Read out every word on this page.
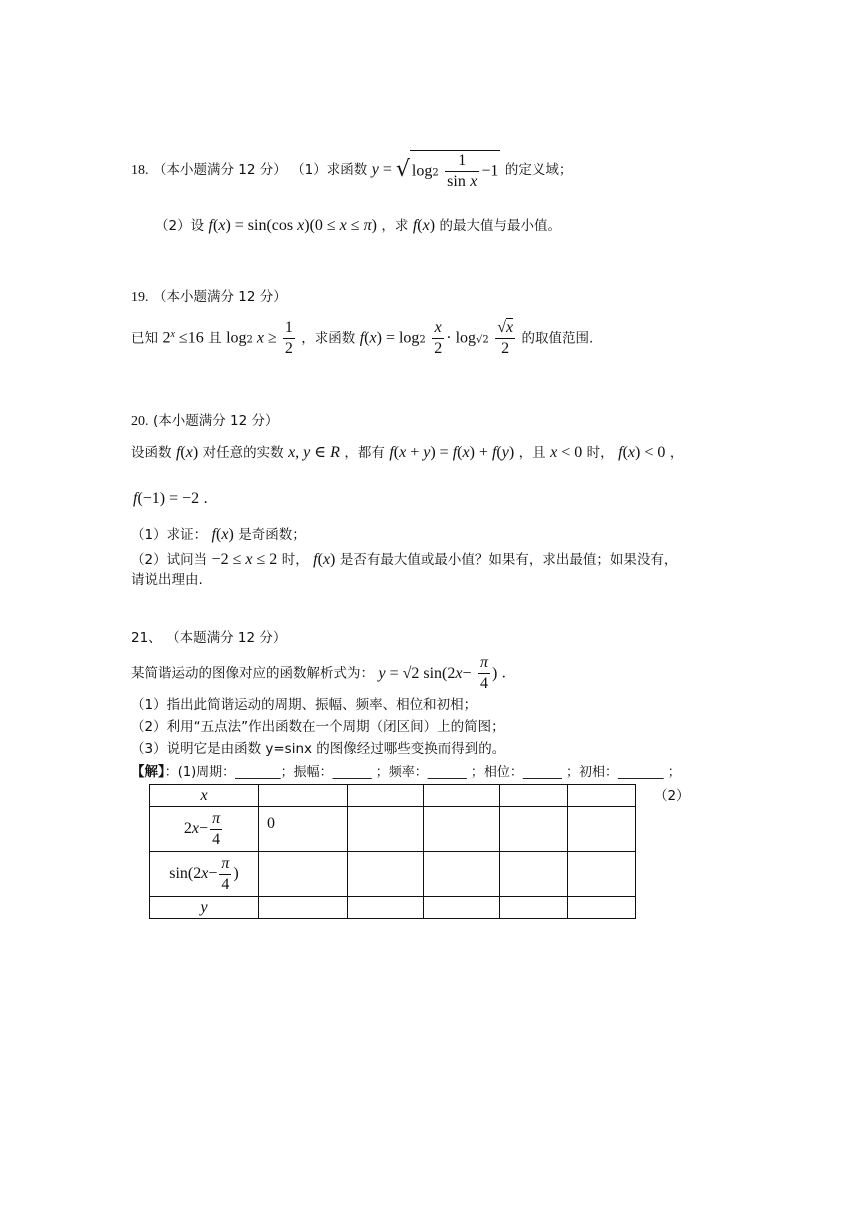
18. （本小题满分 12 分） （1）求函数 y = √ $\log 2 \frac{1}{\text{sin x}} -1$ 的定义域；
（2）设 f(x) = sin(cos x)(0 ≤ x ≤ π) ，求 f(x) 的最大值与最小值。
19. （本小题满分 12 分）
已知 $2^x \le 16$ 且 log2 $x \ge \frac{1}{2}$ ，求函数 $f(x) = \log 2 \frac{x}{2} \cdot \log√2 \frac{√x}{2}$ 的取值范围.
20. (本小题满分 12 分）
设函数 f(x) 对任意的实数 x, y ∈ R ，都有 f(x + y) = f(x) + f(y) ，且 x < 0 时， f(x) < 0 ，
f(−1) = −2 .
（1）求证： f(x) 是奇函数；
（2）试问当 −2 ≤ x ≤ 2 时， f(x) 是否有最大值或最小值？如果有，求出最值；如果没有，
请说出理由.
21、 （本题满分 12 分）
某简谐运动的图像对应的函数解析式为： y = √2 $\sin(2x- \frac{\pi}{4}$ ) .
（1）指出此简谐运动的周期、振幅、频率、相位和初相；
（2）利用“五点法”作出函数在一个周期（闭区间）上的简图；
（3）说明它是由函数 y=sinx 的图像经过哪些变换而得到的。
【解】：(1)周期：_______；振幅：______ ；频率：______ ；相位：______ ；初相：_______ ；
（2）
x					
$2x- \frac{\pi}{4}$	0				
$\sin(2x- \frac{\pi}{4}$ )					
y					
